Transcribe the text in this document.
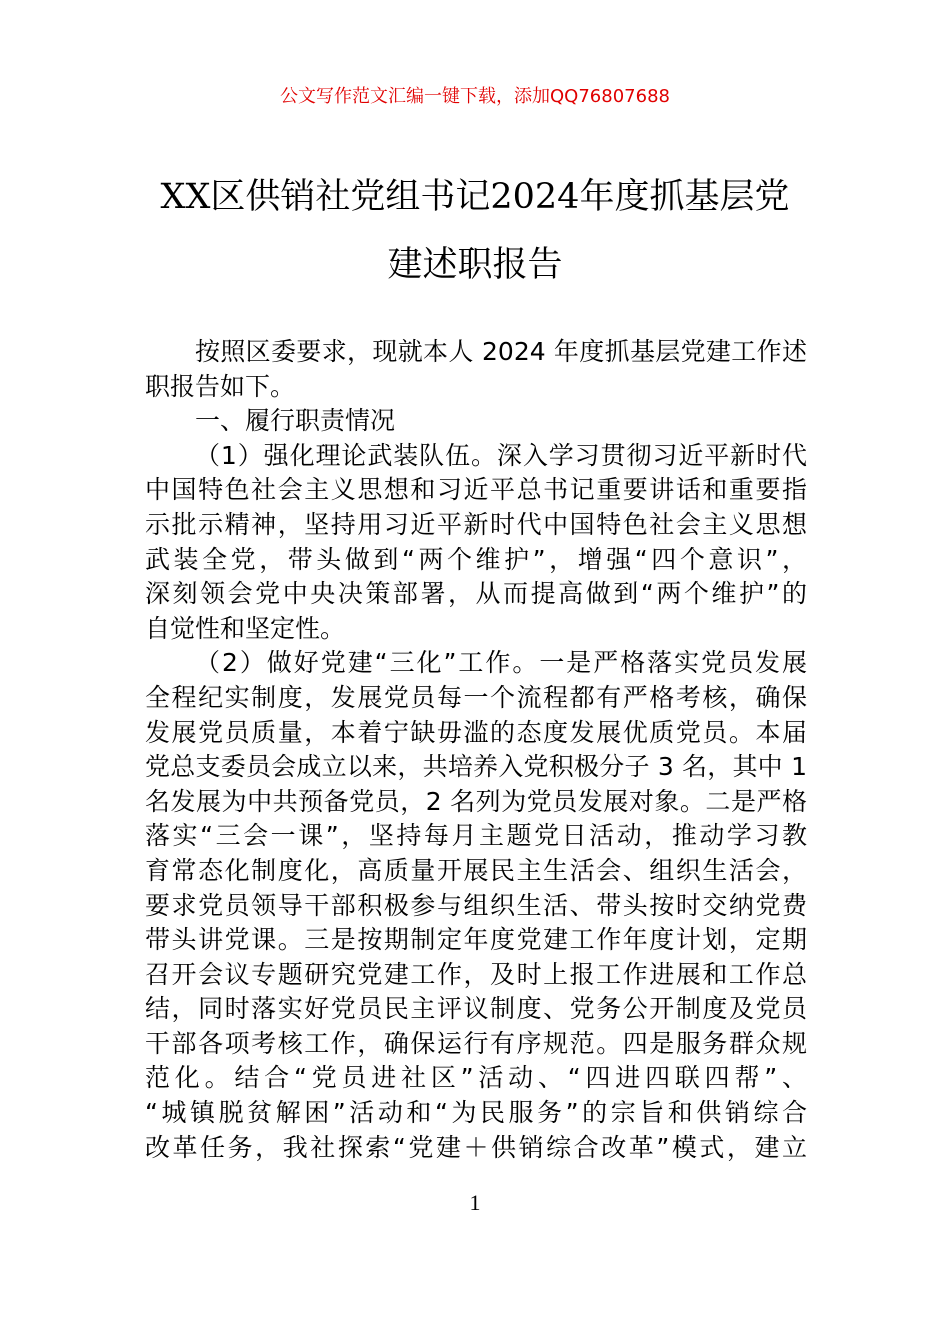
公文写作范文汇编一键下载，添加QQ76807688
XX区供销社党组书记2024年度抓基层党
建述职报告
按照区委要求，现就本人 2024 年度抓基层党建工作述
职报告如下。
一、履行职责情况
（1）强化理论武装队伍。深入学习贯彻习近平新时代
中国特色社会主义思想和习近平总书记重要讲话和重要指
示批示精神，坚持用习近平新时代中国特色社会主义思想
武装全党，带头做到“两个维护”，增强“四个意识”，
深刻领会党中央决策部署，从而提高做到“两个维护”的
自觉性和坚定性。
（2）做好党建“三化”工作。一是严格落实党员发展
全程纪实制度，发展党员每一个流程都有严格考核，确保
发展党员质量，本着宁缺毋滥的态度发展优质党员。本届
党总支委员会成立以来，共培养入党积极分子 3 名，其中 1
名发展为中共预备党员，2 名列为党员发展对象。二是严格
落实“三会一课”，坚持每月主题党日活动，推动学习教
育常态化制度化，高质量开展民主生活会、组织生活会，
要求党员领导干部积极参与组织生活、带头按时交纳党费
带头讲党课。三是按期制定年度党建工作年度计划，定期
召开会议专题研究党建工作，及时上报工作进展和工作总
结，同时落实好党员民主评议制度、党务公开制度及党员
干部各项考核工作，确保运行有序规范。四是服务群众规
范化。结合“党员进社区”活动、“四进四联四帮”、
“城镇脱贫解困”活动和“为民服务”的宗旨和供销综合
改革任务，我社探索“党建＋供销综合改革”模式，建立
1
